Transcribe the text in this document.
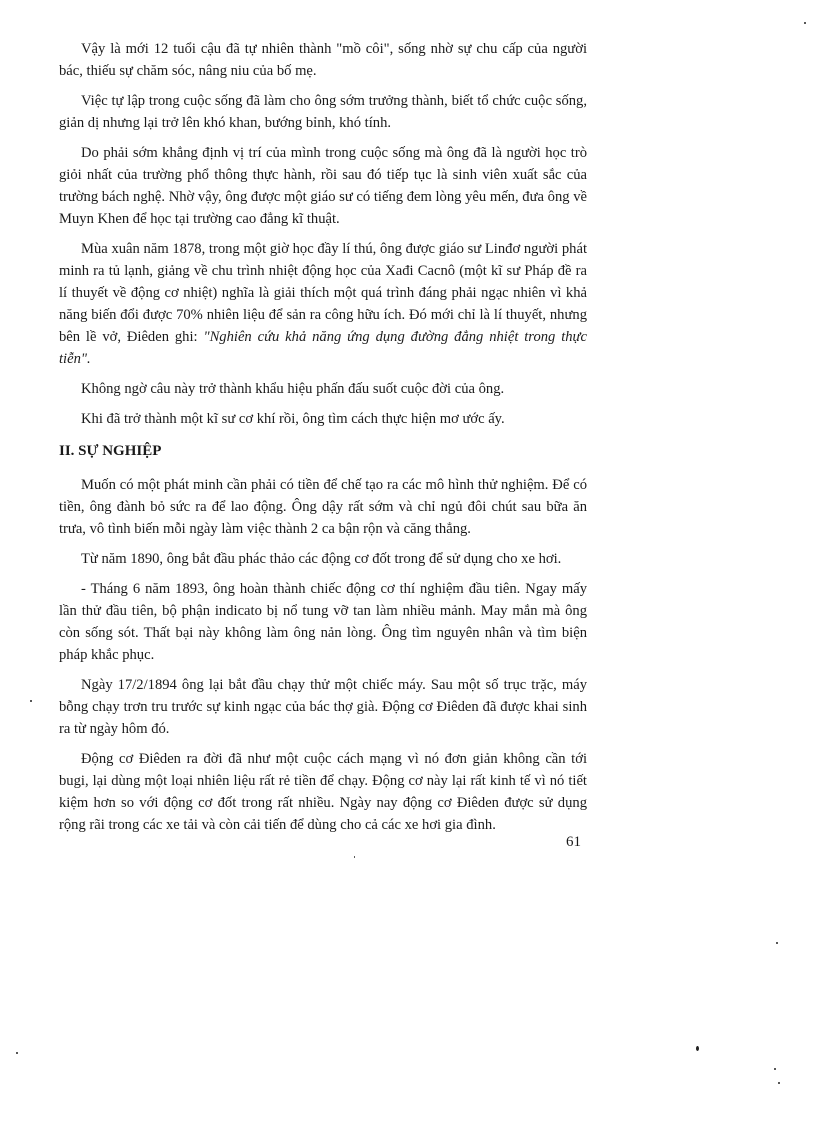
Vậy là mới 12 tuổi cậu đã tự nhiên thành "mồ côi", sống nhờ sự chu cấp của người bác, thiếu sự chăm sóc, nâng niu của bố mẹ.

Việc tự lập trong cuộc sống đã làm cho ông sớm trưởng thành, biết tổ chức cuộc sống, giản dị nhưng lại trở lên khó khan, bướng bỉnh, khó tính.

Do phải sớm khẳng định vị trí của mình trong cuộc sống mà ông đã là người học trò giỏi nhất của trường phổ thông thực hành, rồi sau đó tiếp tục là sinh viên xuất sắc của trường bách nghệ. Nhờ vậy, ông được một giáo sư có tiếng đem lòng yêu mến, đưa ông về Muyn Khen để học tại trường cao đẳng kĩ thuật.

Mùa xuân năm 1878, trong một giờ học đầy lí thú, ông được giáo sư Linđơ người phát minh ra tủ lạnh, giảng về chu trình nhiệt động học của Xađi Cacnô (một kĩ sư Pháp đề ra lí thuyết về động cơ nhiệt) nghĩa là giải thích một quá trình đáng phải ngạc nhiên vì khả năng biến đổi được 70% nhiên liệu để sản ra công hữu ích. Đó mới chỉ là lí thuyết, nhưng bên lề vở, Điêden ghi: "Nghiên cứu khả năng ứng dụng đường đẳng nhiệt trong thực tiễn".

Không ngờ câu này trở thành khẩu hiệu phấn đấu suốt cuộc đời của ông.

Khi đã trở thành một kĩ sư cơ khí rồi, ông tìm cách thực hiện mơ ước ấy.

II. SỰ NGHIỆP

Muốn có một phát minh cần phải có tiền để chế tạo ra các mô hình thử nghiệm. Để có tiền, ông đành bỏ sức ra để lao động. Ông dậy rất sớm và chỉ ngủ đôi chút sau bữa ăn trưa, vô tình biến mỗi ngày làm việc thành 2 ca bận rộn và căng thẳng.

Từ năm 1890, ông bắt đầu phác thảo các động cơ đốt trong để sử dụng cho xe hơi.

- Tháng 6 năm 1893, ông hoàn thành chiếc động cơ thí nghiệm đầu tiên. Ngay mấy lần thử đầu tiên, bộ phận indicato bị nổ tung vỡ tan làm nhiều mảnh. May mắn mà ông còn sống sót. Thất bại này không làm ông nản lòng. Ông tìm nguyên nhân và tìm biện pháp khắc phục.

Ngày 17/2/1894 ông lại bắt đầu chạy thử một chiếc máy. Sau một số trục trặc, máy bỗng chạy trơn tru trước sự kinh ngạc của bác thợ già. Động cơ Điêden đã được khai sinh ra từ ngày hôm đó.

Động cơ Điêden ra đời đã như một cuộc cách mạng vì nó đơn giản không cần tới bugi, lại dùng một loại nhiên liệu rất rẻ tiền để chạy. Động cơ này lại rất kinh tế vì nó tiết kiệm hơn so với động cơ đốt trong rất nhiều. Ngày nay động cơ Điêden được sử dụng rộng rãi trong các xe tải và còn cải tiến để dùng cho cả các xe hơi gia đình.

61
